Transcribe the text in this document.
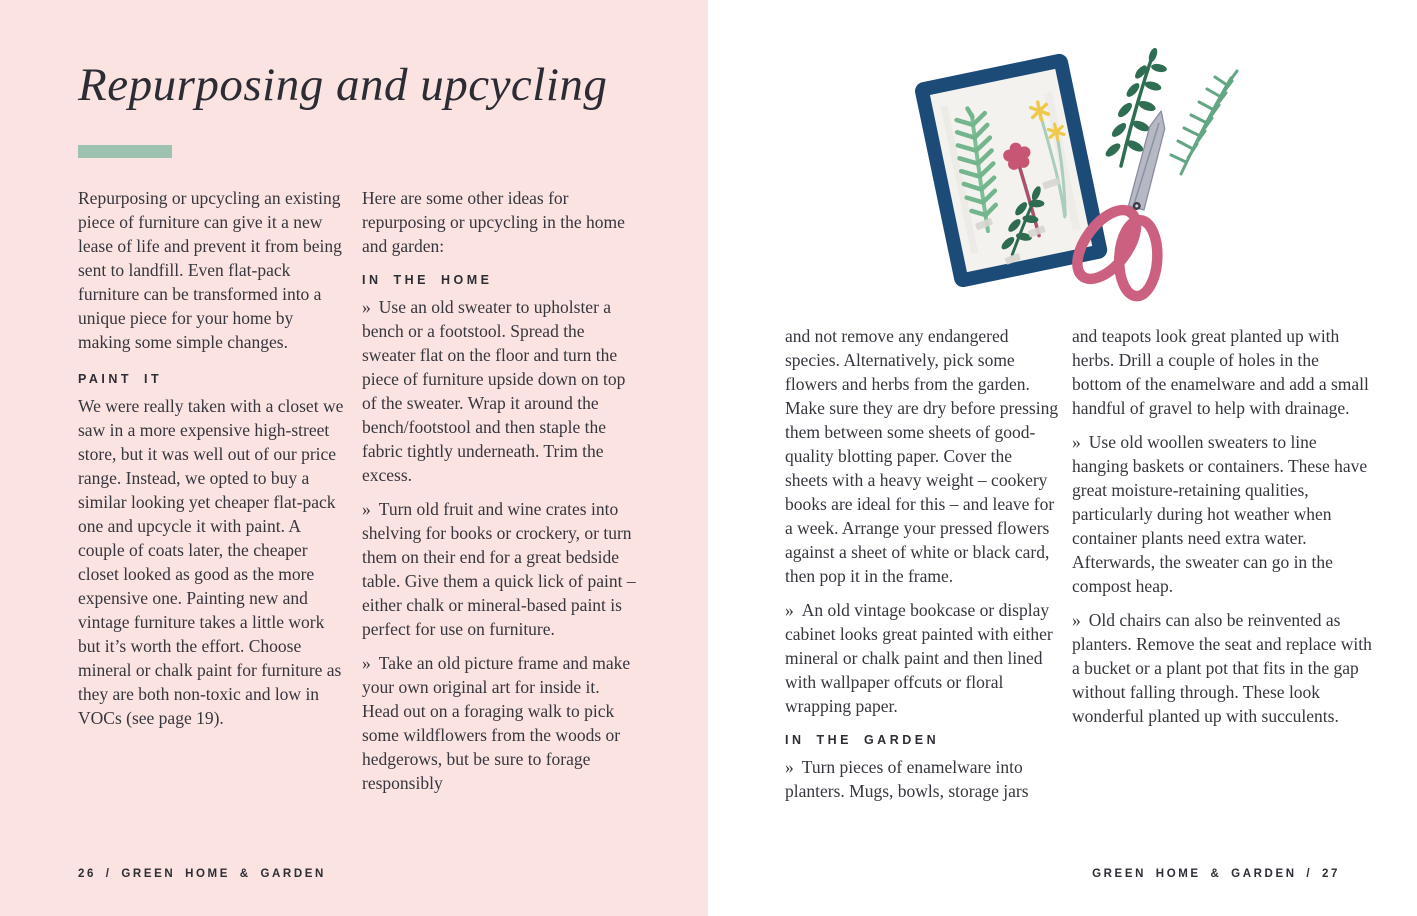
Repurposing and upcycling

Repurposing or upcycling an existing piece of furniture can give it a new lease of life and prevent it from being sent to landfill. Even flat-pack furniture can be transformed into a unique piece for your home by making some simple changes.

PAINT IT

We were really taken with a closet we saw in a more expensive high-street store, but it was well out of our price range. Instead, we opted to buy a similar looking yet cheaper flat-pack one and upcycle it with paint. A couple of coats later, the cheaper closet looked as good as the more expensive one. Painting new and vintage furniture takes a little work but it’s worth the effort. Choose mineral or chalk paint for furniture as they are both non-toxic and low in VOCs (see page 19).

Here are some other ideas for repurposing or upcycling in the home and garden:

IN THE HOME

» Use an old sweater to upholster a bench or a footstool. Spread the sweater flat on the floor and turn the piece of furniture upside down on top of the sweater. Wrap it around the bench/footstool and then staple the fabric tightly underneath. Trim the excess.

» Turn old fruit and wine crates into shelving for books or crockery, or turn them on their end for a great bedside table. Give them a quick lick of paint – either chalk or mineral-based paint is perfect for use on furniture.

» Take an old picture frame and make your own original art for inside it. Head out on a foraging walk to pick some wildflowers from the woods or hedgerows, but be sure to forage responsibly

26 / GREEN HOME & GARDEN

and not remove any endangered species. Alternatively, pick some flowers and herbs from the garden. Make sure they are dry before pressing them between some sheets of good-quality blotting paper. Cover the sheets with a heavy weight – cookery books are ideal for this – and leave for a week. Arrange your pressed flowers against a sheet of white or black card, then pop it in the frame.

» An old vintage bookcase or display cabinet looks great painted with either mineral or chalk paint and then lined with wallpaper offcuts or floral wrapping paper.

IN THE GARDEN

» Turn pieces of enamelware into planters. Mugs, bowls, storage jars

and teapots look great planted up with herbs. Drill a couple of holes in the bottom of the enamelware and add a small handful of gravel to help with drainage.

» Use old woollen sweaters to line hanging baskets or containers. These have great moisture-retaining qualities, particularly during hot weather when container plants need extra water. Afterwards, the sweater can go in the compost heap.

» Old chairs can also be reinvented as planters. Remove the seat and replace with a bucket or a plant pot that fits in the gap without falling through. These look wonderful planted up with succulents.

GREEN HOME & GARDEN / 27
